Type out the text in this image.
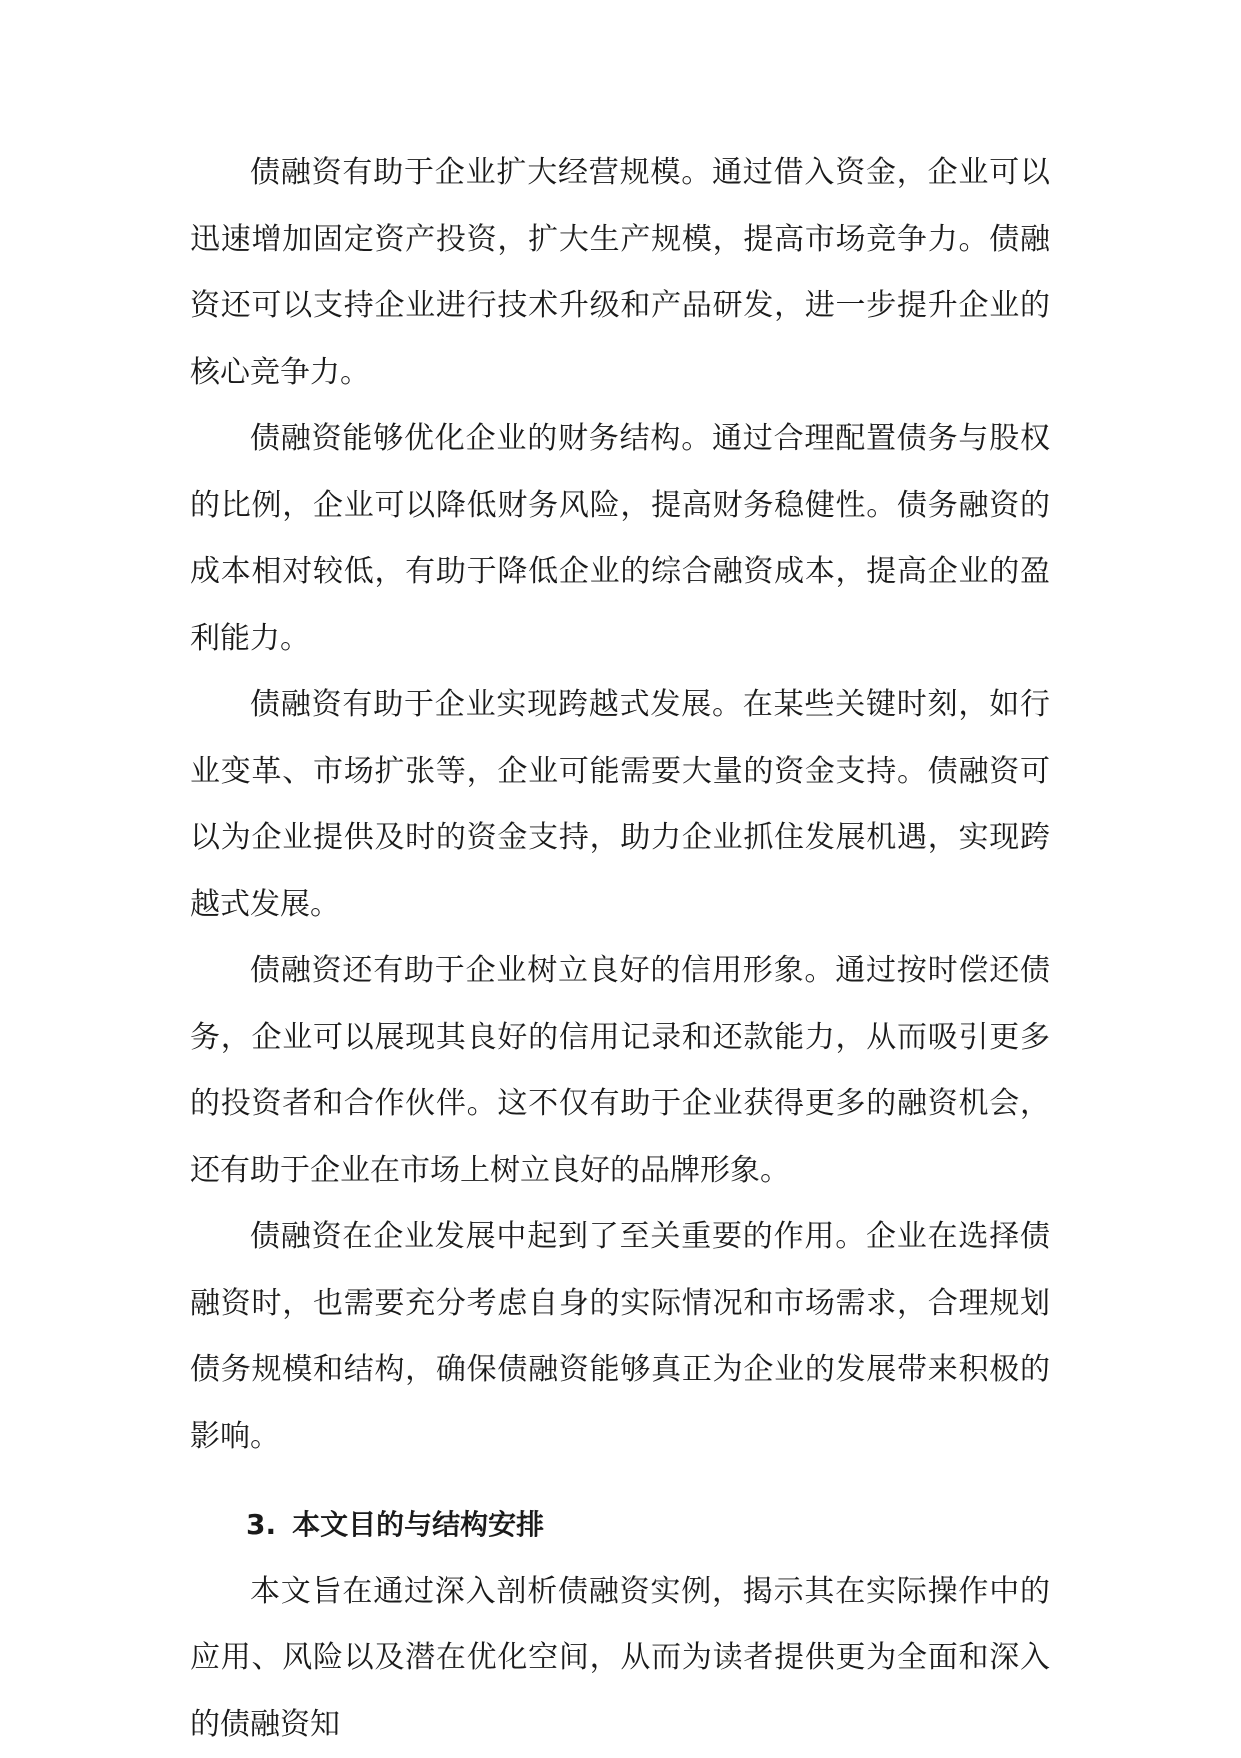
债融资有助于企业扩大经营规模。通过借入资金，企业可以迅速增加固定资产投资，扩大生产规模，提高市场竞争力。债融资还可以支持企业进行技术升级和产品研发，进一步提升企业的核心竞争力。

债融资能够优化企业的财务结构。通过合理配置债务与股权的比例，企业可以降低财务风险，提高财务稳健性。债务融资的成本相对较低，有助于降低企业的综合融资成本，提高企业的盈利能力。

债融资有助于企业实现跨越式发展。在某些关键时刻，如行业变革、市场扩张等，企业可能需要大量的资金支持。债融资可以为企业提供及时的资金支持，助力企业抓住发展机遇，实现跨越式发展。

债融资还有助于企业树立良好的信用形象。通过按时偿还债务，企业可以展现其良好的信用记录和还款能力，从而吸引更多的投资者和合作伙伴。这不仅有助于企业获得更多的融资机会，还有助于企业在市场上树立良好的品牌形象。

债融资在企业发展中起到了至关重要的作用。企业在选择债融资时，也需要充分考虑自身的实际情况和市场需求，合理规划债务规模和结构，确保债融资能够真正为企业的发展带来积极的影响。

3. 本文目的与结构安排

本文旨在通过深入剖析债融资实例，揭示其在实际操作中的应用、风险以及潜在优化空间，从而为读者提供更为全面和深入的债融资知
